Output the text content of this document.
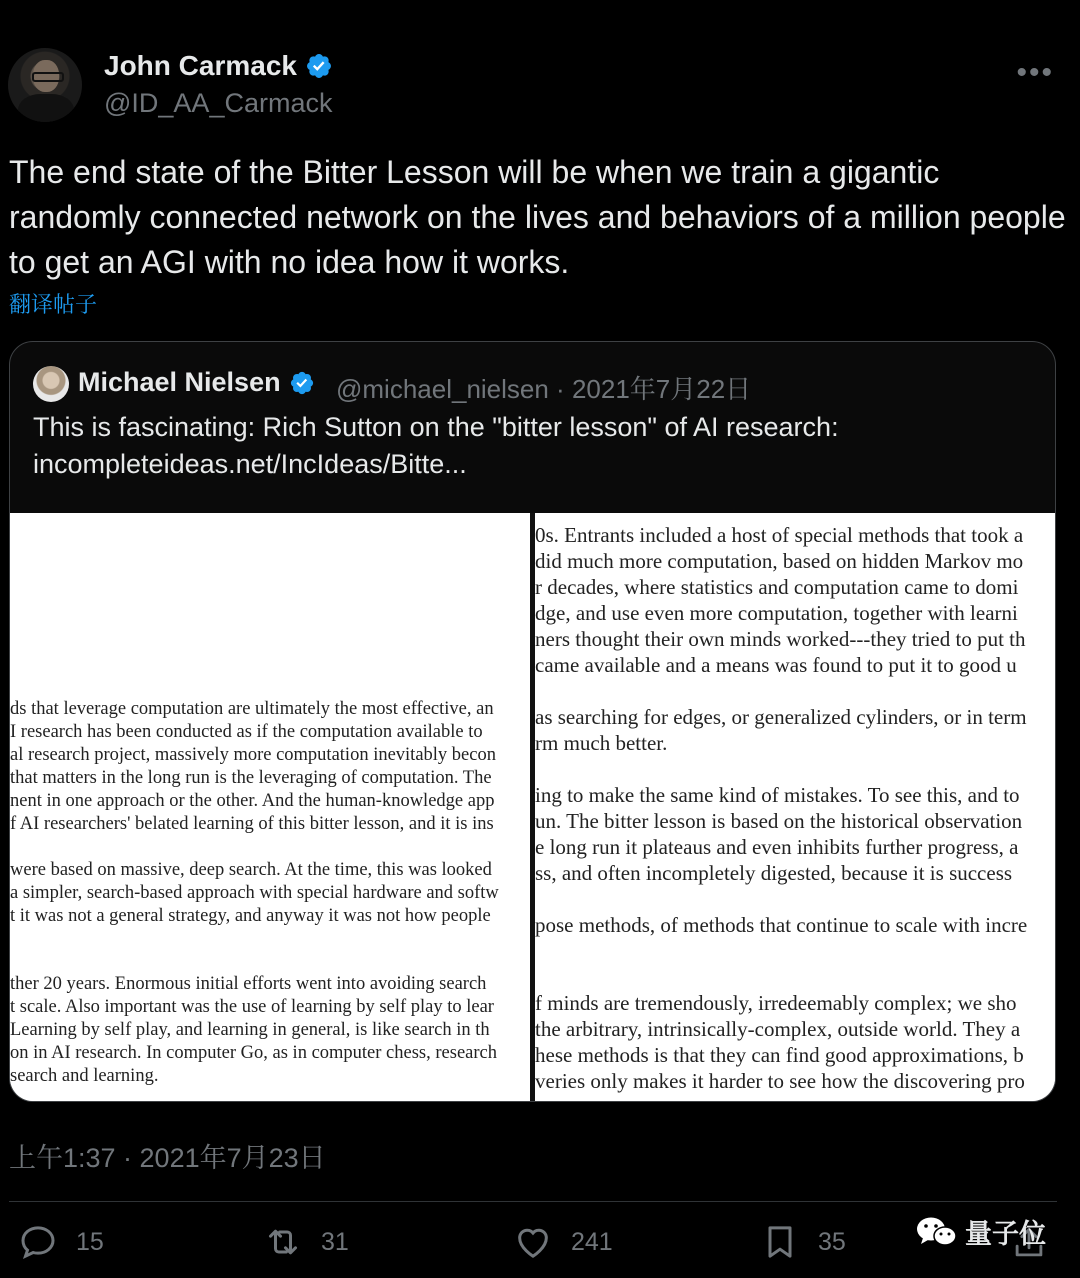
John Carmack
@ID_AA_Carmack
•••
The end state of the Bitter Lesson will be when we train a gigantic randomly connected network on the lives and behaviors of a million people to get an AGI with no idea how it works.
翻译帖子
Michael Nielsen @michael_nielsen · 2021年7月22日
This is fascinating: Rich Sutton on the "bitter lesson" of AI research:
incompleteideas.net/IncIdeas/Bitte...
ds that leverage computation are ultimately the most effective, an
I research has been conducted as if the computation available to
al research project, massively more computation inevitably becon
that matters in the long run is the leveraging of computation. The
nent in one approach or the other. And the human-knowledge app
f AI researchers' belated learning of this bitter lesson, and it is ins
were based on massive, deep search. At the time, this was looked
a simpler, search-based approach with special hardware and softw
t it was not a general strategy, and anyway it was not how people
ther 20 years. Enormous initial efforts went into avoiding search
t scale. Also important was the use of learning by self play to lear
Learning by self play, and learning in general, is like search in th
on in AI research. In computer Go, as in computer chess, research
search and learning.
0s. Entrants included a host of special methods that took a
did much more computation, based on hidden Markov mo
r decades, where statistics and computation came to domi
dge, and use even more computation, together with learni
ners thought their own minds worked---they tried to put th
came available and a means was found to put it to good u
as searching for edges, or generalized cylinders, or in term
rm much better.
ing to make the same kind of mistakes. To see this, and to
un. The bitter lesson is based on the historical observation
e long run it plateaus and even inhibits further progress, a
ss, and often incompletely digested, because it is success
pose methods, of methods that continue to scale with incre
f minds are tremendously, irredeemably complex; we sho
the arbitrary, intrinsically-complex, outside world. They a
hese methods is that they can find good approximations, b
veries only makes it harder to see how the discovering pro
上午1:37 · 2021年7月23日
15	31	241	35	量子位
